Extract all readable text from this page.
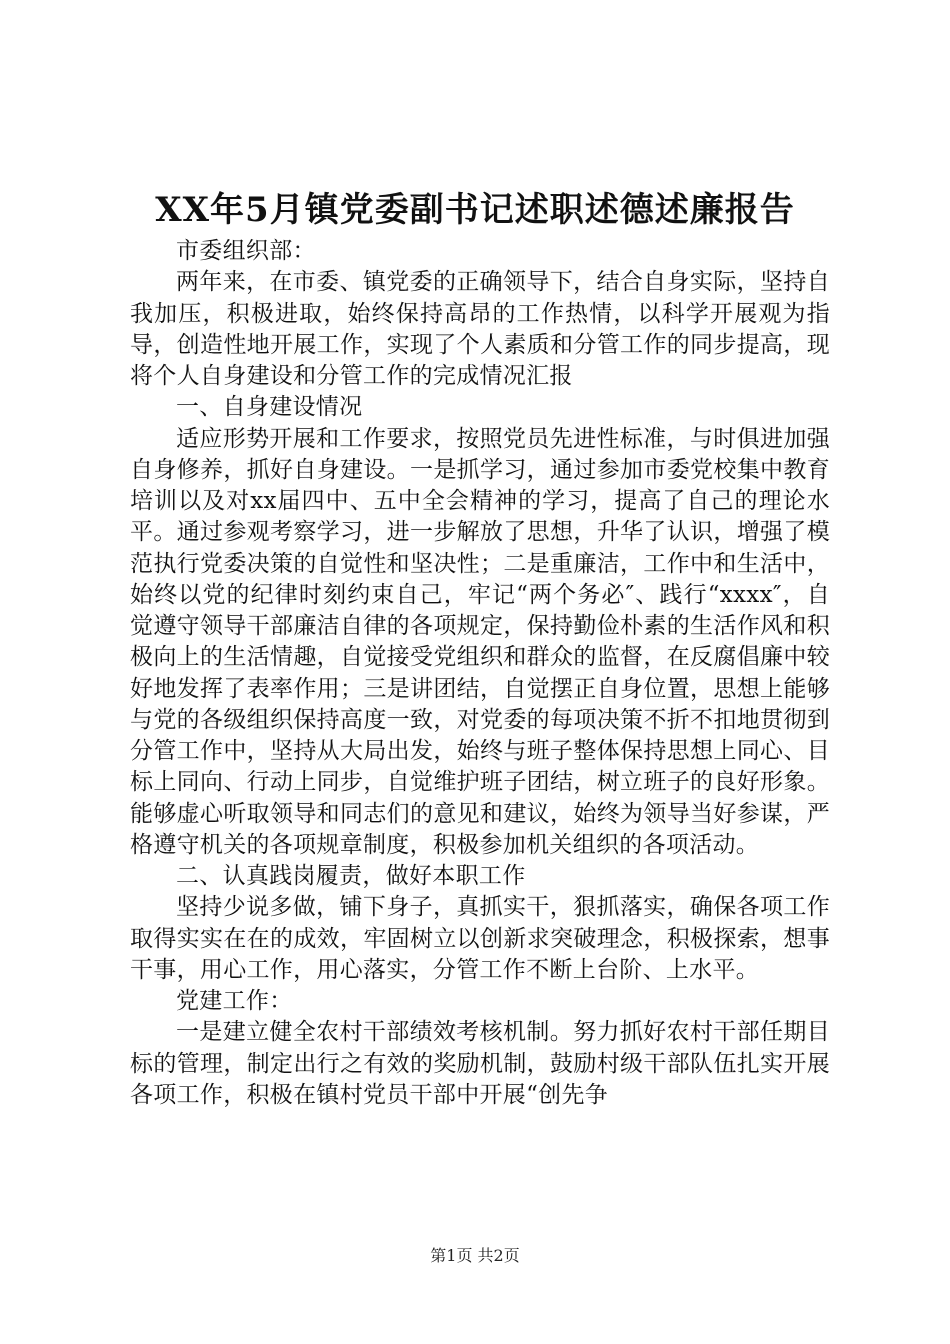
XX年5月镇党委副书记述职述德述廉报告

市委组织部：

两年来，在市委、镇党委的正确领导下，结合自身实际，坚持自我加压，积极进取，始终保持高昂的工作热情，以科学开展观为指导，创造性地开展工作，实现了个人素质和分管工作的同步提高，现将个人自身建设和分管工作的完成情况汇报

一、自身建设情况

适应形势开展和工作要求，按照党员先进性标准，与时俱进加强自身修养，抓好自身建设。一是抓学习，通过参加市委党校集中教育培训以及对xx届四中、五中全会精神的学习，提高了自己的理论水平。通过参观考察学习，进一步解放了思想，升华了认识，增强了模范执行党委决策的自觉性和坚决性；二是重廉洁，工作中和生活中，始终以党的纪律时刻约束自己，牢记“两个务必″、践行“xxxx″，自觉遵守领导干部廉洁自律的各项规定，保持勤俭朴素的生活作风和积极向上的生活情趣，自觉接受党组织和群众的监督，在反腐倡廉中较好地发挥了表率作用；三是讲团结，自觉摆正自身位置，思想上能够与党的各级组织保持高度一致，对党委的每项决策不折不扣地贯彻到分管工作中，坚持从大局出发，始终与班子整体保持思想上同心、目标上同向、行动上同步，自觉维护班子团结，树立班子的良好形象。能够虚心听取领导和同志们的意见和建议，始终为领导当好参谋，严格遵守机关的各项规章制度，积极参加机关组织的各项活动。

二、认真践岗履责，做好本职工作

坚持少说多做，铺下身子，真抓实干，狠抓落实，确保各项工作取得实实在在的成效，牢固树立以创新求突破理念，积极探索，想事干事，用心工作，用心落实，分管工作不断上台阶、上水平。

党建工作：

一是建立健全农村干部绩效考核机制。努力抓好农村干部任期目标的管理，制定出行之有效的奖励机制，鼓励村级干部队伍扎实开展各项工作，积极在镇村党员干部中开展“创先争

第1页 共2页
